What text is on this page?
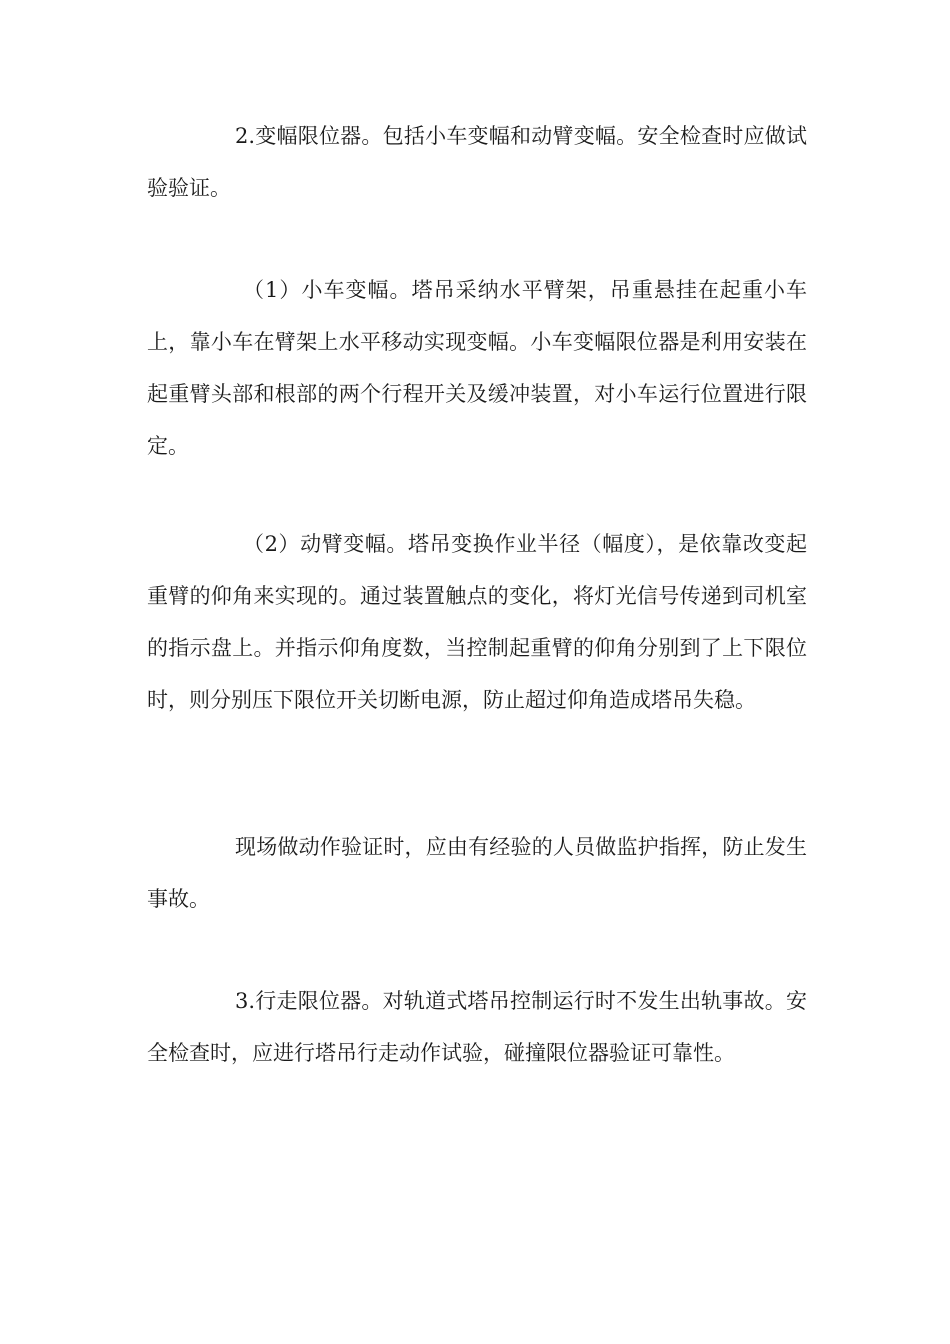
2.变幅限位器。包括小车变幅和动臂变幅。安全检查时应做试验验证。

（1）小车变幅。塔吊采纳水平臂架，吊重悬挂在起重小车上，靠小车在臂架上水平移动实现变幅。小车变幅限位器是利用安装在起重臂头部和根部的两个行程开关及缓冲装置，对小车运行位置进行限定。

（2）动臂变幅。塔吊变换作业半径（幅度），是依靠改变起重臂的仰角来实现的。通过装置触点的变化，将灯光信号传递到司机室的指示盘上。并指示仰角度数，当控制起重臂的仰角分别到了上下限位时，则分别压下限位开关切断电源，防止超过仰角造成塔吊失稳。

现场做动作验证时，应由有经验的人员做监护指挥，防止发生事故。

3.行走限位器。对轨道式塔吊控制运行时不发生出轨事故。安全检查时，应进行塔吊行走动作试验，碰撞限位器验证可靠性。
